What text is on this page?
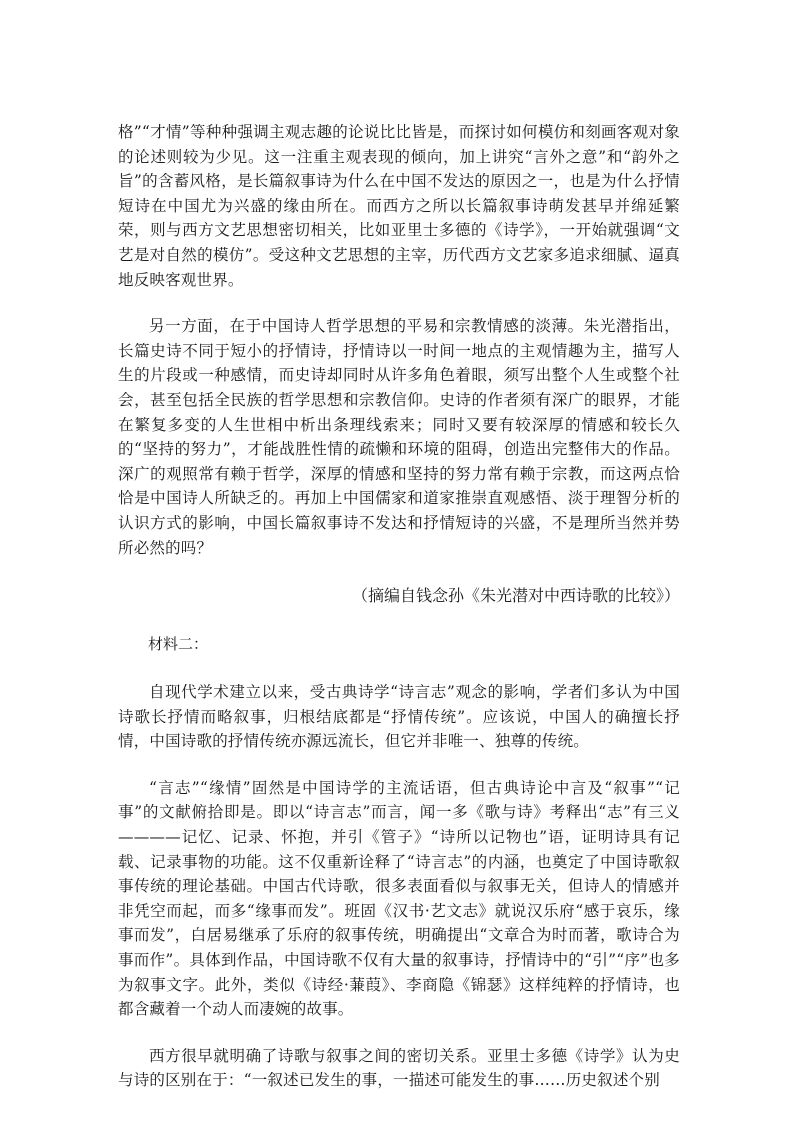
格”“才情”等种种强调主观志趣的论说比比皆是，而探讨如何模仿和刻画客观对象的论述则较为少见。这一注重主观表现的倾向，加上讲究“言外之意”和“韵外之旨”的含蓄风格，是长篇叙事诗为什么在中国不发达的原因之一，也是为什么抒情短诗在中国尤为兴盛的缘由所在。而西方之所以长篇叙事诗萌发甚早并绵延繁荣，则与西方文艺思想密切相关，比如亚里士多德的《诗学》，一开始就强调“文艺是对自然的模仿”。受这种文艺思想的主宰，历代西方文艺家多追求细腻、逼真地反映客观世界。

另一方面，在于中国诗人哲学思想的平易和宗教情感的淡薄。朱光潜指出，长篇史诗不同于短小的抒情诗，抒情诗以一时间一地点的主观情趣为主，描写人生的片段或一种感情，而史诗却同时从许多角色着眼，须写出整个人生或整个社会，甚至包括全民族的哲学思想和宗教信仰。史诗的作者须有深广的眼界，才能在繁复多变的人生世相中析出条理线索来；同时又要有较深厚的情感和较长久的“坚持的努力”，才能战胜性情的疏懒和环境的阻碍，创造出完整伟大的作品。深广的观照常有赖于哲学，深厚的情感和坚持的努力常有赖于宗教，而这两点恰恰是中国诗人所缺乏的。再加上中国儒家和道家推崇直观感悟、淡于理智分析的认识方式的影响，中国长篇叙事诗不发达和抒情短诗的兴盛，不是理所当然并势所必然的吗？

（摘编自钱念孙《朱光潜对中西诗歌的比较》）

材料二：

自现代学术建立以来，受古典诗学“诗言志”观念的影响，学者们多认为中国诗歌长抒情而略叙事，归根结底都是“抒情传统”。应该说，中国人的确擅长抒情，中国诗歌的抒情传统亦源远流长，但它并非唯一、独尊的传统。

“言志”“缘情”固然是中国诗学的主流话语，但古典诗论中言及“叙事”“记事”的文献俯拾即是。即以“诗言志”而言，闻一多《歌与诗》考释出“志”有三义————记忆、记录、怀抱，并引《管子》“诗所以记物也”语，证明诗具有记载、记录事物的功能。这不仅重新诠释了“诗言志”的内涵，也奠定了中国诗歌叙事传统的理论基础。中国古代诗歌，很多表面看似与叙事无关，但诗人的情感并非凭空而起，而多“缘事而发”。班固《汉书·艺文志》就说汉乐府“感于哀乐，缘事而发”，白居易继承了乐府的叙事传统，明确提出“文章合为时而著，歌诗合为事而作”。具体到作品，中国诗歌不仅有大量的叙事诗，抒情诗中的“引”“序”也多为叙事文字。此外，类似《诗经·蒹葭》、李商隐《锦瑟》这样纯粹的抒情诗，也都含藏着一个动人而凄婉的故事。

西方很早就明确了诗歌与叙事之间的密切关系。亚里士多德《诗学》认为史与诗的区别在于：“一叙述已发生的事，一描述可能发生的事……历史叙述个别
